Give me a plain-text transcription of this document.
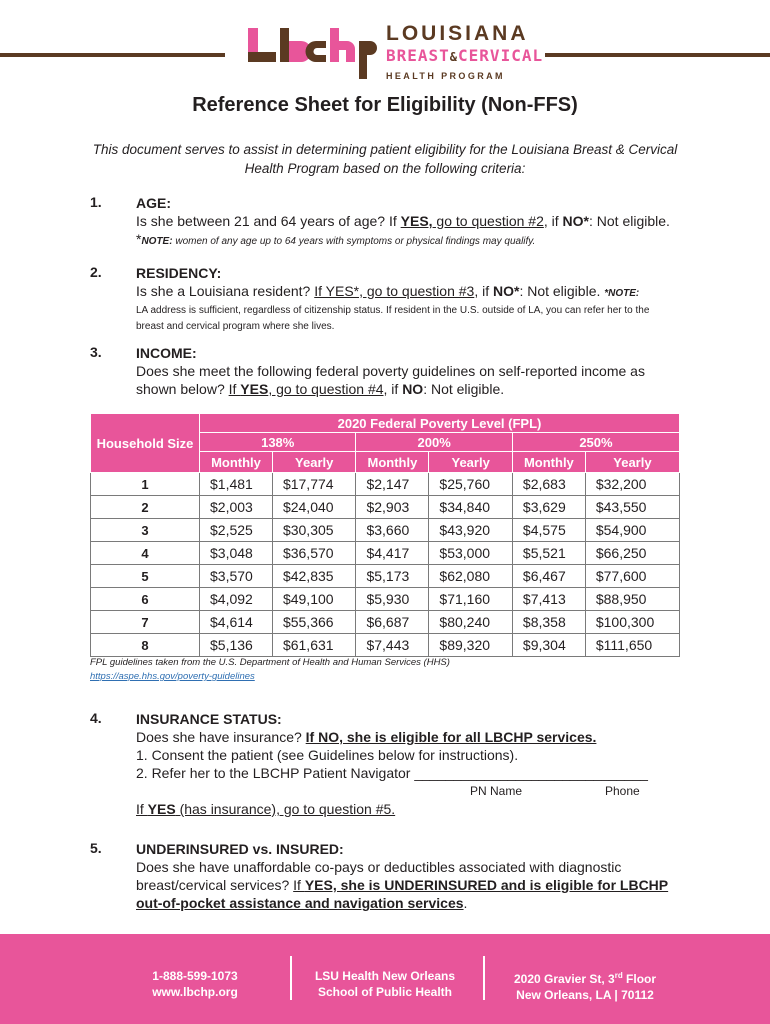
LOUISIANA
BREAST&CERVICAL
HEALTH PROGRAM
Reference Sheet for Eligibility (Non-FFS)
This document serves to assist in determining patient eligibility for the Louisiana Breast & Cervical Health Program based on the following criteria:
1. AGE:
Is she between 21 and 64 years of age? If YES, go to question #2, if NO*: Not eligible. *NOTE: women of any age up to 64 years with symptoms or physical findings may qualify.
2. RESIDENCY:
Is she a Louisiana resident? If YES*, go to question #3, if NO*: Not eligible. *NOTE:
LA address is sufficient, regardless of citizenship status. If resident in the U.S. outside of LA, you can refer her to the breast and cervical program where she lives.
3. INCOME:
Does she meet the following federal poverty guidelines on self-reported income as shown below? If YES, go to question #4, if NO: Not eligible.
Household Size	2020 Federal Poverty Level (FPL)					
	138%		200%		250%	
	Monthly	Yearly	Monthly	Yearly	Monthly	Yearly
1	$1,481	$17,774	$2,147	$25,760	$2,683	$32,200
2	$2,003	$24,040	$2,903	$34,840	$3,629	$43,550
3	$2,525	$30,305	$3,660	$43,920	$4,575	$54,900
4	$3,048	$36,570	$4,417	$53,000	$5,521	$66,250
5	$3,570	$42,835	$5,173	$62,080	$6,467	$77,600
6	$4,092	$49,100	$5,930	$71,160	$7,413	$88,950
7	$4,614	$55,366	$6,687	$80,240	$8,358	$100,300
8	$5,136	$61,631	$7,443	$89,320	$9,304	$111,650
FPL guidelines taken from the U.S. Department of Health and Human Services (HHS)
https://aspe.hhs.gov/poverty-guidelines
4. INSURANCE STATUS:
Does she have insurance? If NO, she is eligible for all LBCHP services.
1. Consent the patient (see Guidelines below for instructions).
2. Refer her to the LBCHP Patient Navigator ______________________________
PN Name	Phone
If YES (has insurance), go to question #5.
5. UNDERINSURED vs. INSURED:
Does she have unaffordable co-pays or deductibles associated with diagnostic breast/cervical services? If YES, she is UNDERINSURED and is eligible for LBCHP out-of-pocket assistance and navigation services.
1-888-599-1073
www.lbchp.org
LSU Health New Orleans
School of Public Health
2020 Gravier St, 3rd Floor
New Orleans, LA | 70112
